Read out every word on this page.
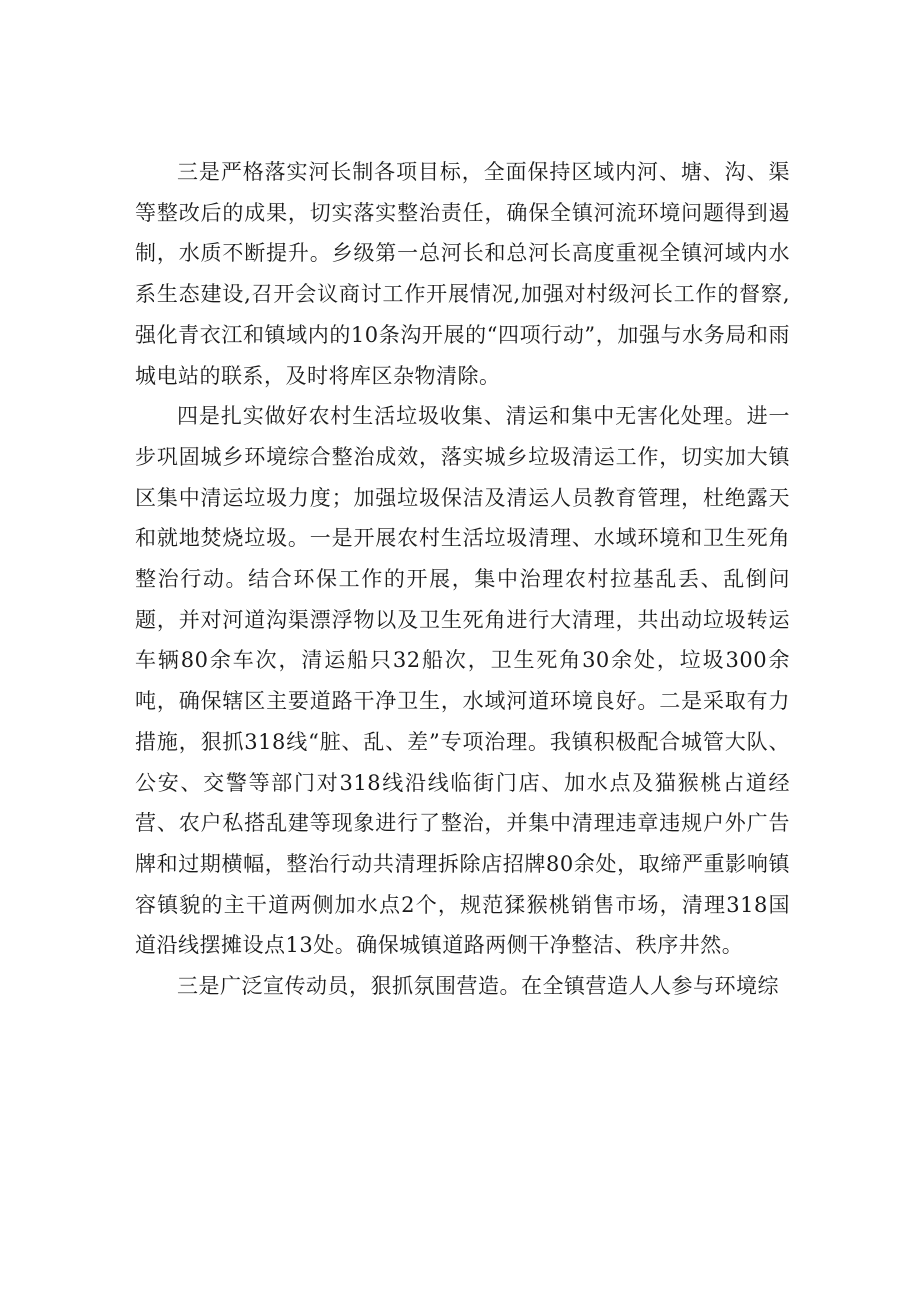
三是严格落实河长制各项目标，全面保持区域内河、塘、沟、渠等整改后的成果，切实落实整治责任，确保全镇河流环境问题得到遏制，水质不断提升。乡级第一总河长和总河长高度重视全镇河域内水系生态建设,召开会议商讨工作开展情况,加强对村级河长工作的督察,强化青衣江和镇域内的10条沟开展的“四项行动”，加强与水务局和雨城电站的联系，及时将库区杂物清除。

四是扎实做好农村生活垃圾收集、清运和集中无害化处理。进一步巩固城乡环境综合整治成效，落实城乡垃圾清运工作，切实加大镇区集中清运垃圾力度；加强垃圾保洁及清运人员教育管理，杜绝露天和就地焚烧垃圾。一是开展农村生活垃圾清理、水域环境和卫生死角整治行动。结合环保工作的开展，集中治理农村拉基乱丢、乱倒问题，并对河道沟渠漂浮物以及卫生死角进行大清理，共出动垃圾转运车辆80余车次，清运船只32船次，卫生死角30余处，垃圾300余吨，确保辖区主要道路干净卫生，水域河道环境良好。二是采取有力措施，狠抓318线“脏、乱、差”专项治理。我镇积极配合城管大队、公安、交警等部门对318线沿线临街门店、加水点及猫猴桃占道经营、农户私搭乱建等现象进行了整治，并集中清理违章违规户外广告牌和过期横幅，整治行动共清理拆除店招牌80余处，取缔严重影响镇容镇貌的主干道两侧加水点2个，规范猱猴桃销售市场，清理318国道沿线摆摊设点13处。确保城镇道路两侧干净整洁、秩序井然。

三是广泛宣传动员，狠抓氛围营造。在全镇营造人人参与环境综
